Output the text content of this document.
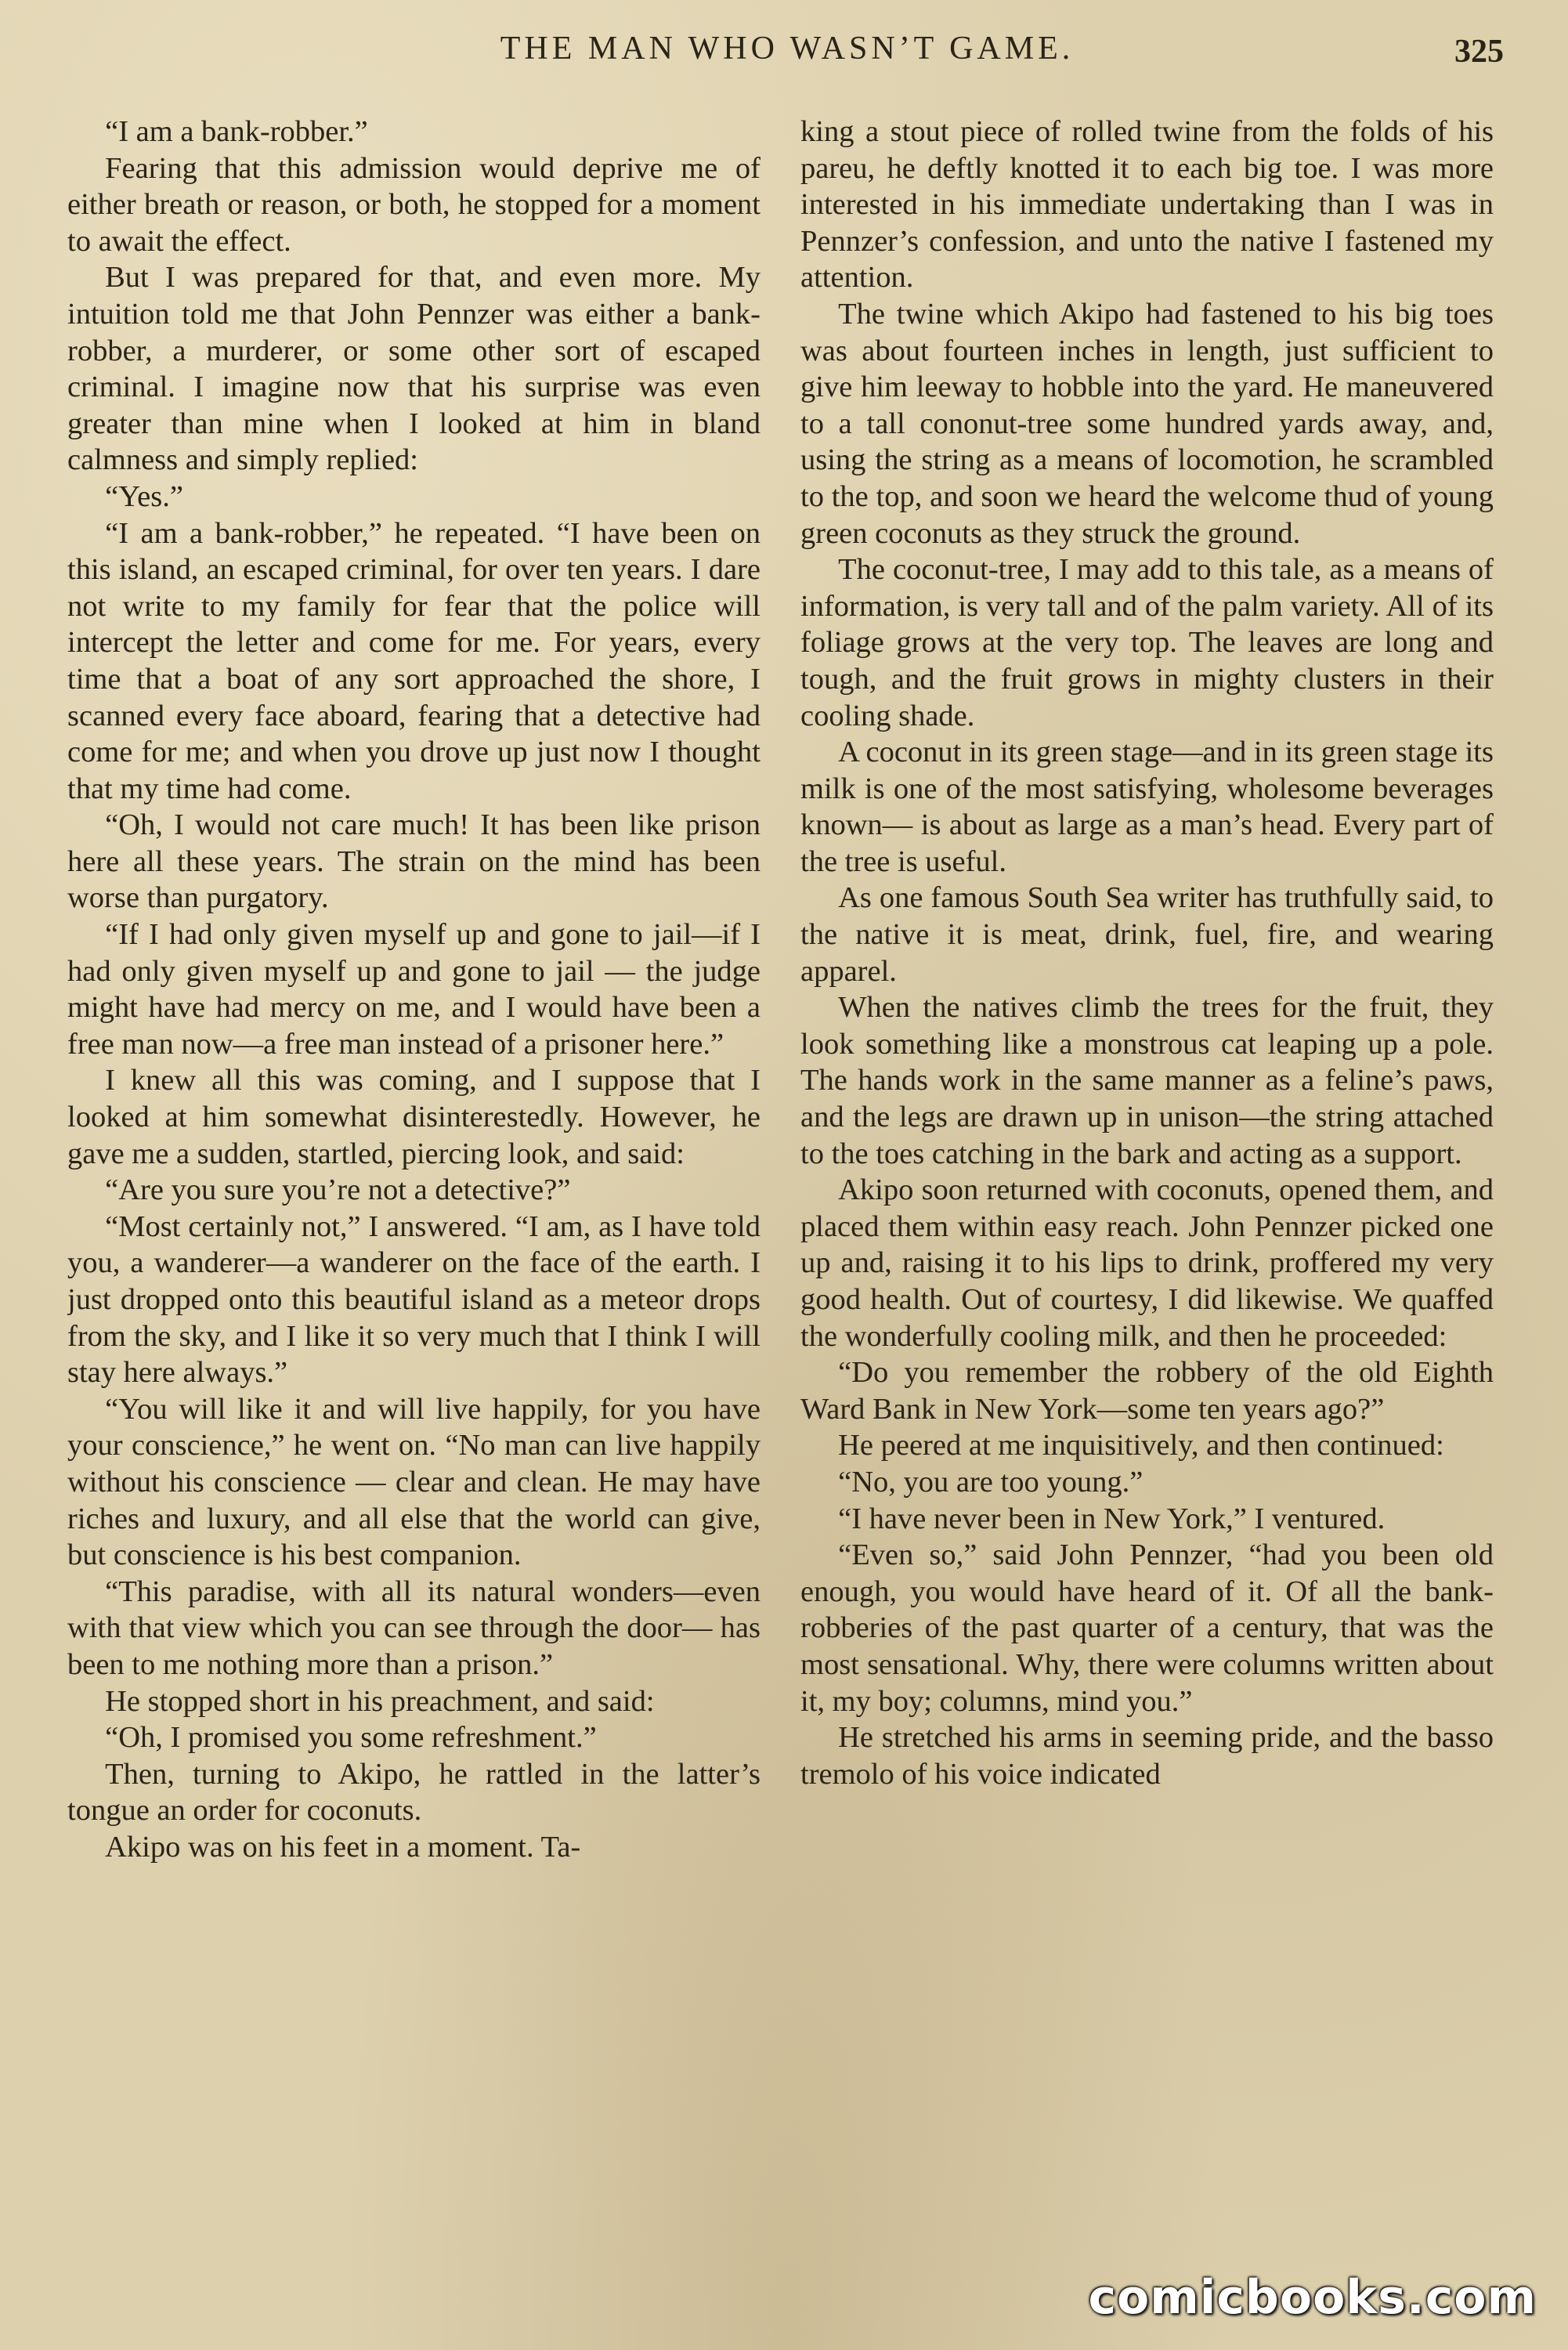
THE MAN WHO WASN’T GAME.	325

“I am a bank-robber.”

Fearing that this admission would deprive me of either breath or reason, or both, he stopped for a moment to await the effect.

But I was prepared for that, and even more. My intuition told me that John Pennzer was either a bank-robber, a murderer, or some other sort of escaped criminal. I imagine now that his surprise was even greater than mine when I looked at him in bland calmness and simply replied:

“Yes.”

“I am a bank-robber,” he repeated. “I have been on this island, an escaped criminal, for over ten years. I dare not write to my family for fear that the police will intercept the letter and come for me. For years, every time that a boat of any sort approached the shore, I scanned every face aboard, fearing that a detective had come for me; and when you drove up just now I thought that my time had come.

“Oh, I would not care much! It has been like prison here all these years. The strain on the mind has been worse than purgatory.

“If I had only given myself up and gone to jail—if I had only given myself up and gone to jail — the judge might have had mercy on me, and I would have been a free man now—a free man instead of a prisoner here.”

I knew all this was coming, and I suppose that I looked at him somewhat disinterestedly. However, he gave me a sudden, startled, piercing look, and said:

“Are you sure you’re not a detective?”

“Most certainly not,” I answered. “I am, as I have told you, a wanderer—a wanderer on the face of the earth. I just dropped onto this beautiful island as a meteor drops from the sky, and I like it so very much that I think I will stay here always.”

“You will like it and will live happily, for you have your conscience,” he went on. “No man can live happily without his conscience — clear and clean. He may have riches and luxury, and all else that the world can give, but conscience is his best companion.

“This paradise, with all its natural wonders—even with that view which you can see through the door— has been to me nothing more than a prison.”

He stopped short in his preachment, and said:

“Oh, I promised you some refreshment.”

Then, turning to Akipo, he rattled in the latter’s tongue an order for coconuts.

Akipo was on his feet in a moment. Ta-

king a stout piece of rolled twine from the folds of his pareu, he deftly knotted it to each big toe. I was more interested in his immediate undertaking than I was in Pennzer’s confession, and unto the native I fastened my attention.

The twine which Akipo had fastened to his big toes was about fourteen inches in length, just sufficient to give him leeway to hobble into the yard. He maneuvered to a tall cononut-tree some hundred yards away, and, using the string as a means of locomotion, he scrambled to the top, and soon we heard the welcome thud of young green coconuts as they struck the ground.

The coconut-tree, I may add to this tale, as a means of information, is very tall and of the palm variety. All of its foliage grows at the very top. The leaves are long and tough, and the fruit grows in mighty clusters in their cooling shade.

A coconut in its green stage—and in its green stage its milk is one of the most satisfying, wholesome beverages known— is about as large as a man’s head. Every part of the tree is useful.

As one famous South Sea writer has truthfully said, to the native it is meat, drink, fuel, fire, and wearing apparel.

When the natives climb the trees for the fruit, they look something like a monstrous cat leaping up a pole. The hands work in the same manner as a feline’s paws, and the legs are drawn up in unison—the string attached to the toes catching in the bark and acting as a support.

Akipo soon returned with coconuts, opened them, and placed them within easy reach. John Pennzer picked one up and, raising it to his lips to drink, proffered my very good health. Out of courtesy, I did likewise. We quaffed the wonderfully cooling milk, and then he proceeded:

“Do you remember the robbery of the old Eighth Ward Bank in New York—some ten years ago?”

He peered at me inquisitively, and then continued:

“No, you are too young.”

“I have never been in New York,” I ventured.

“Even so,” said John Pennzer, “had you been old enough, you would have heard of it. Of all the bank-robberies of the past quarter of a century, that was the most sensational. Why, there were columns written about it, my boy; columns, mind you.”

He stretched his arms in seeming pride, and the basso tremolo of his voice indicated

comicbooks.com
